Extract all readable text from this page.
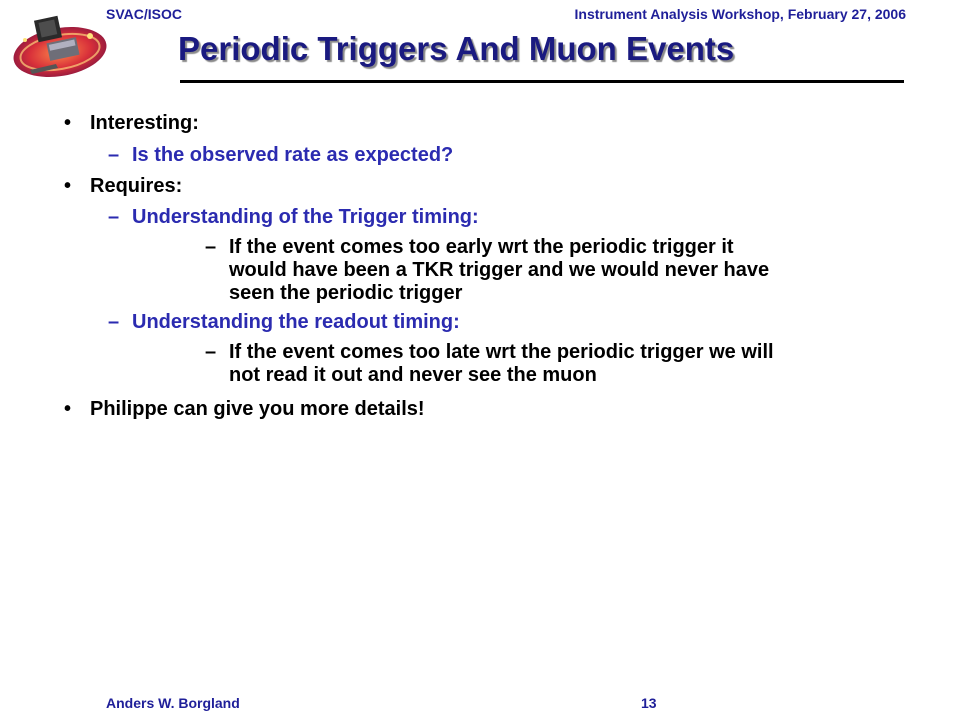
SVAC/ISOC	Instrument Analysis Workshop, February 27, 2006
Periodic Triggers And Muon Events
• Interesting:
– Is the observed rate as expected?
• Requires:
– Understanding of the Trigger timing:
– If the event comes too early wrt the periodic trigger it
would have been a TKR trigger and we would never have
seen the periodic trigger
– Understanding the readout timing:
– If the event comes too late wrt the periodic trigger we will
not read it out and never see the muon
• Philippe can give you more details!
Anders W. Borgland	13
